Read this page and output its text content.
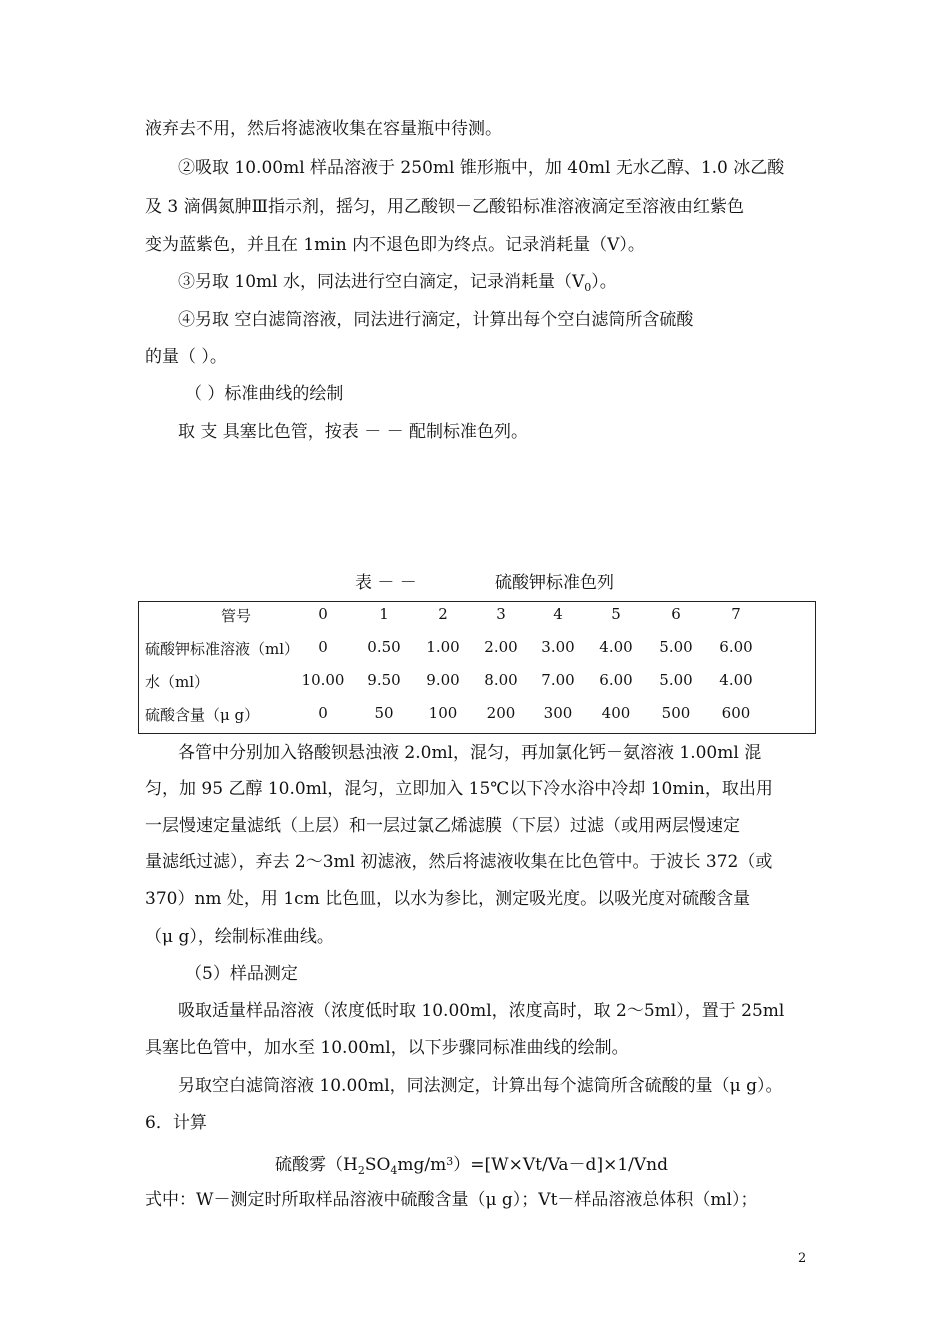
液弃去不用，然后将滤液收集在容量瓶中待测。
②吸取 10.00ml 样品溶液于 250ml 锥形瓶中，加 40ml 无水乙醇、1.0 冰乙酸
及 3 滴偶氮胂Ⅲ指示剂，摇匀，用乙酸钡－乙酸铅标准溶液滴定至溶液由红紫色
变为蓝紫色，并且在 1min 内不退色即为终点。记录消耗量（V）。
③另取 10ml 水，同法进行空白滴定，记录消耗量$(V_0)$。
④另取 空白滤筒溶液，同法进行滴定，计算出每个空白滤筒所含硫酸
的量（ ）。
（ ）标准曲线的绘制
取 支 具塞比色管，按表 － － 配制标准色列。
表 － －	硫酸钾标准色列
管号	0	1	2	3	4	5	6	7
硫酸钾标准溶液（ml） 0	0.50 1.00 2.00 3.00 4.00 5.00 6.00
水（ml）	10.00 9.50 9.00 8.00 7.00 6.00 5.00 4.00
硫酸含量（μ g）	0	50 100 200 300 400 500 600
各管中分别加入铬酸钡悬浊液 2.0ml，混匀，再加氯化钙－氨溶液 1.00ml 混
匀，加 95 乙醇 10.0ml，混匀，立即加入 15℃以下冷水浴中冷却 10min，取出用
一层慢速定量滤纸（上层）和一层过氯乙烯滤膜（下层）过滤（或用两层慢速定
量滤纸过滤），弃去 2～3ml 初滤液，然后将滤液收集在比色管中。于波长 372（或
370）nm 处，用 1cm 比色皿，以水为参比，测定吸光度。以吸光度对硫酸含量
（μ g），绘制标准曲线。
（5）样品测定
吸取适量样品溶液（浓度低时取 10.00ml，浓度高时，取 2～5ml），置于 25ml
具塞比色管中，加水至 10.00ml，以下步骤同标准曲线的绘制。
另取空白滤筒溶液 10.00ml，同法测定，计算出每个滤筒所含硫酸的量（μ g）。
6．计算
硫酸雾$(H_2SO_4mg/m^3)=[W\times Vt/Va-d]\times 1$/Vnd
式中：W－测定时所取样品溶液中硫酸含量（μ g）；Vt－样品溶液总体积（ml）；
2
